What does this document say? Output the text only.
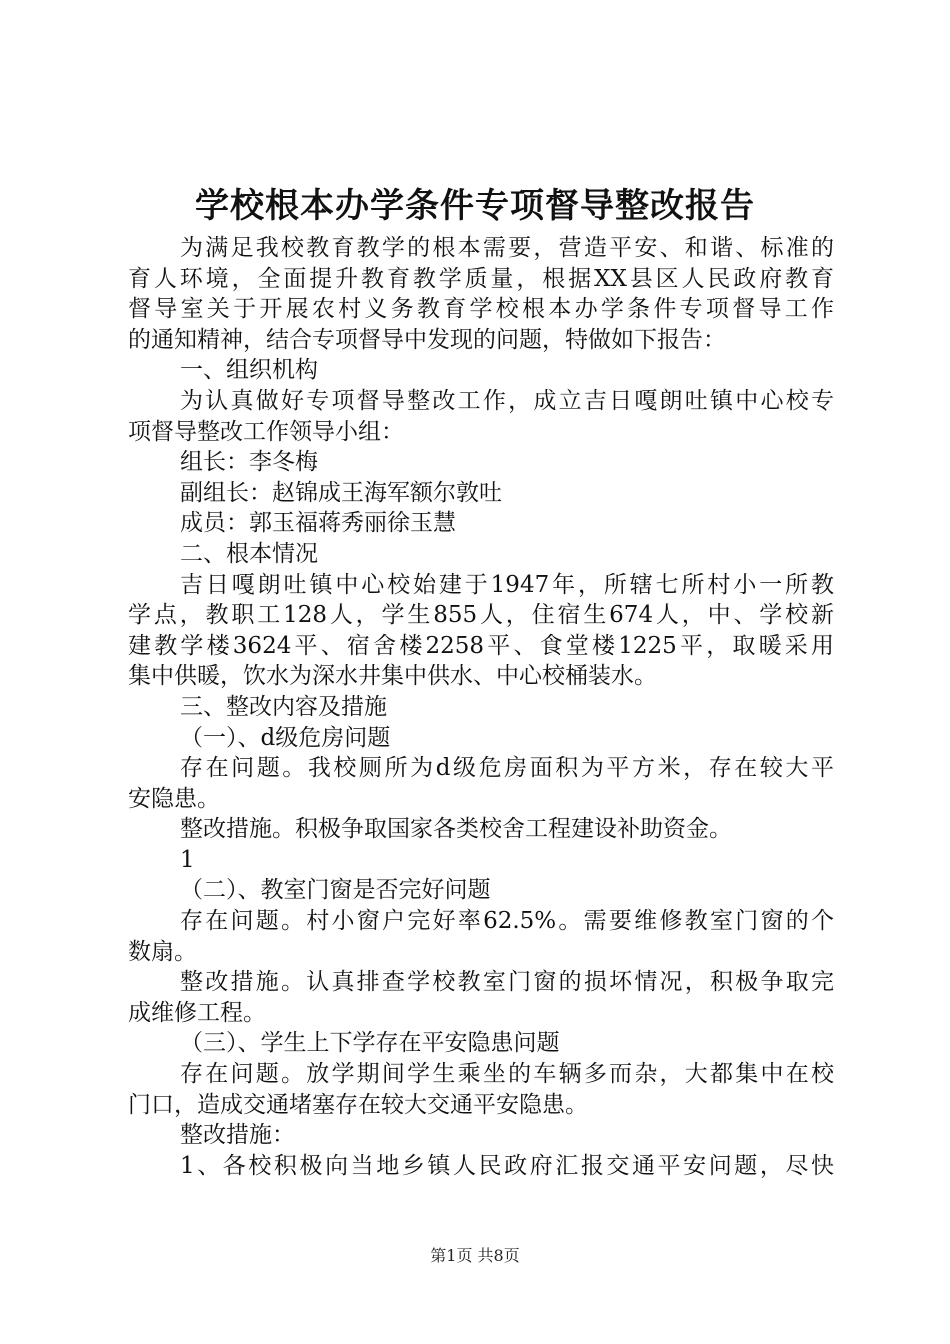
学校根本办学条件专项督导整改报告

为满足我校教育教学的根本需要，营造平安、和谐、标准的

育人环境，全面提升教育教学质量，根据XX县区人民政府教育

督导室关于开展农村义务教育学校根本办学条件专项督导工作

的通知精神，结合专项督导中发现的问题，特做如下报告：

一、组织机构

为认真做好专项督导整改工作，成立吉日嘎朗吐镇中心校专

项督导整改工作领导小组：

组长：李冬梅

副组长：赵锦成王海军额尔敦吐

成员：郭玉福蒋秀丽徐玉慧

二、根本情况

吉日嘎朗吐镇中心校始建于1947年，所辖七所村小一所教

学点，教职工128人，学生855人，住宿生674人，中、学校新

建教学楼3624平、宿舍楼2258平、食堂楼1225平，取暖采用

集中供暖，饮水为深水井集中供水、中心校桶装水。

三、整改内容及措施

（一）、d级危房问题

存在问题。我校厕所为d级危房面积为平方米，存在较大平

安隐患。

整改措施。积极争取国家各类校舍工程建设补助资金。

1

（二）、教室门窗是否完好问题

存在问题。村小窗户完好率62.5%。需要维修教室门窗的个

数扇。

整改措施。认真排查学校教室门窗的损坏情况，积极争取完

成维修工程。

（三）、学生上下学存在平安隐患问题

存在问题。放学期间学生乘坐的车辆多而杂，大都集中在校

门口，造成交通堵塞存在较大交通平安隐患。

整改措施：

1、各校积极向当地乡镇人民政府汇报交通平安问题，尽快

第1页 共8页
